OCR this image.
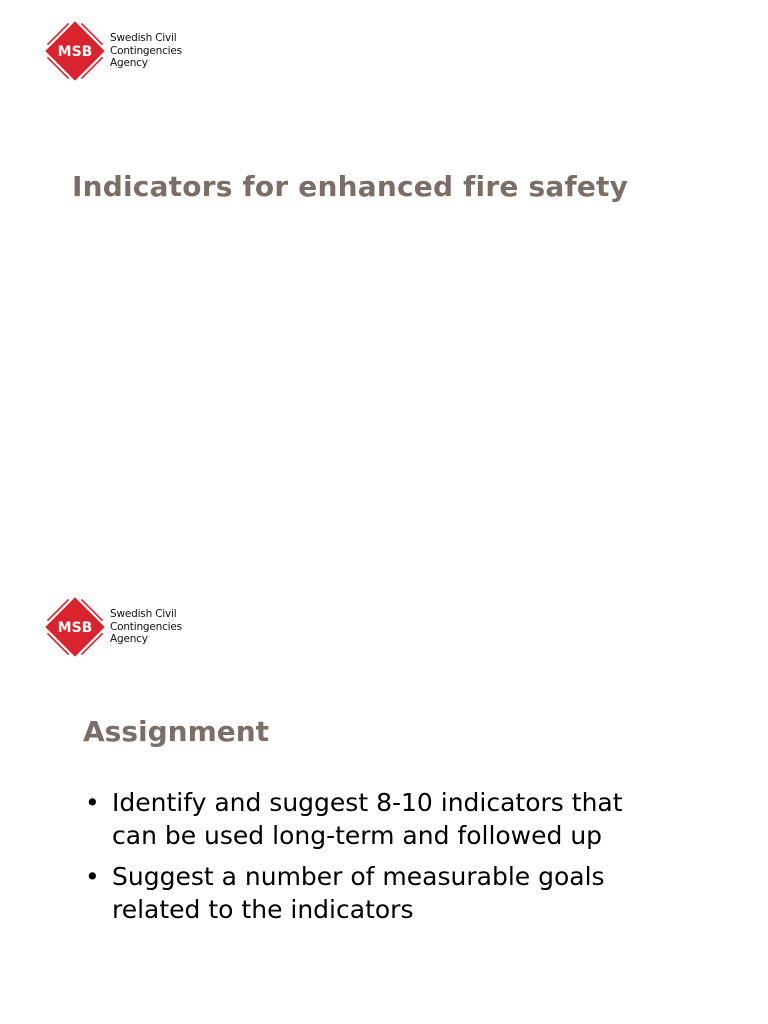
MSB
Swedish Civil
Contingencies
Agency
Indicators for enhanced fire safety
MSB
Swedish Civil
Contingencies
Agency
Assignment
• Identify and suggest 8-10 indicators that
can be used long-term and followed up
• Suggest a number of measurable goals
related to the indicators
